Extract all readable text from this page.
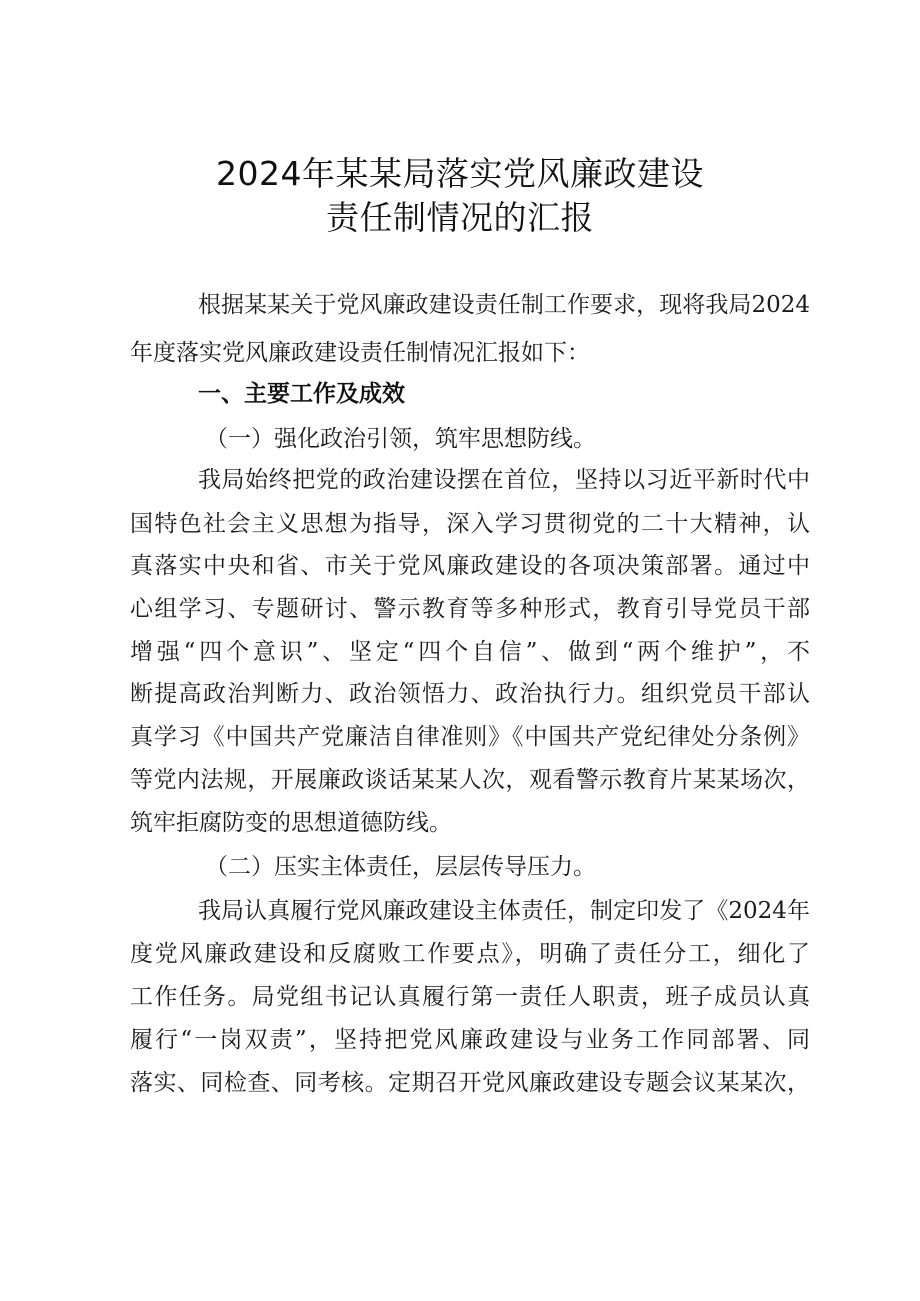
2024年某某局落实党风廉政建设
责任制情况的汇报
根据某某关于党风廉政建设责任制工作要求，现将我局2024
年度落实党风廉政建设责任制情况汇报如下：
一、主要工作及成效
（一）强化政治引领，筑牢思想防线。
我局始终把党的政治建设摆在首位，坚持以习近平新时代中
国特色社会主义思想为指导，深入学习贯彻党的二十大精神，认
真落实中央和省、市关于党风廉政建设的各项决策部署。通过中
心组学习、专题研讨、警示教育等多种形式，教育引导党员干部
增强“四个意识”、坚定“四个自信”、做到“两个维护”，不
断提高政治判断力、政治领悟力、政治执行力。组织党员干部认
真学习《中国共产党廉洁自律准则》《中国共产党纪律处分条例》
等党内法规，开展廉政谈话某某人次，观看警示教育片某某场次，
筑牢拒腐防变的思想道德防线。
（二）压实主体责任，层层传导压力。
我局认真履行党风廉政建设主体责任，制定印发了《2024年
度党风廉政建设和反腐败工作要点》，明确了责任分工，细化了
工作任务。局党组书记认真履行第一责任人职责，班子成员认真
履行“一岗双责”，坚持把党风廉政建设与业务工作同部署、同
落实、同检查、同考核。定期召开党风廉政建设专题会议某某次，
